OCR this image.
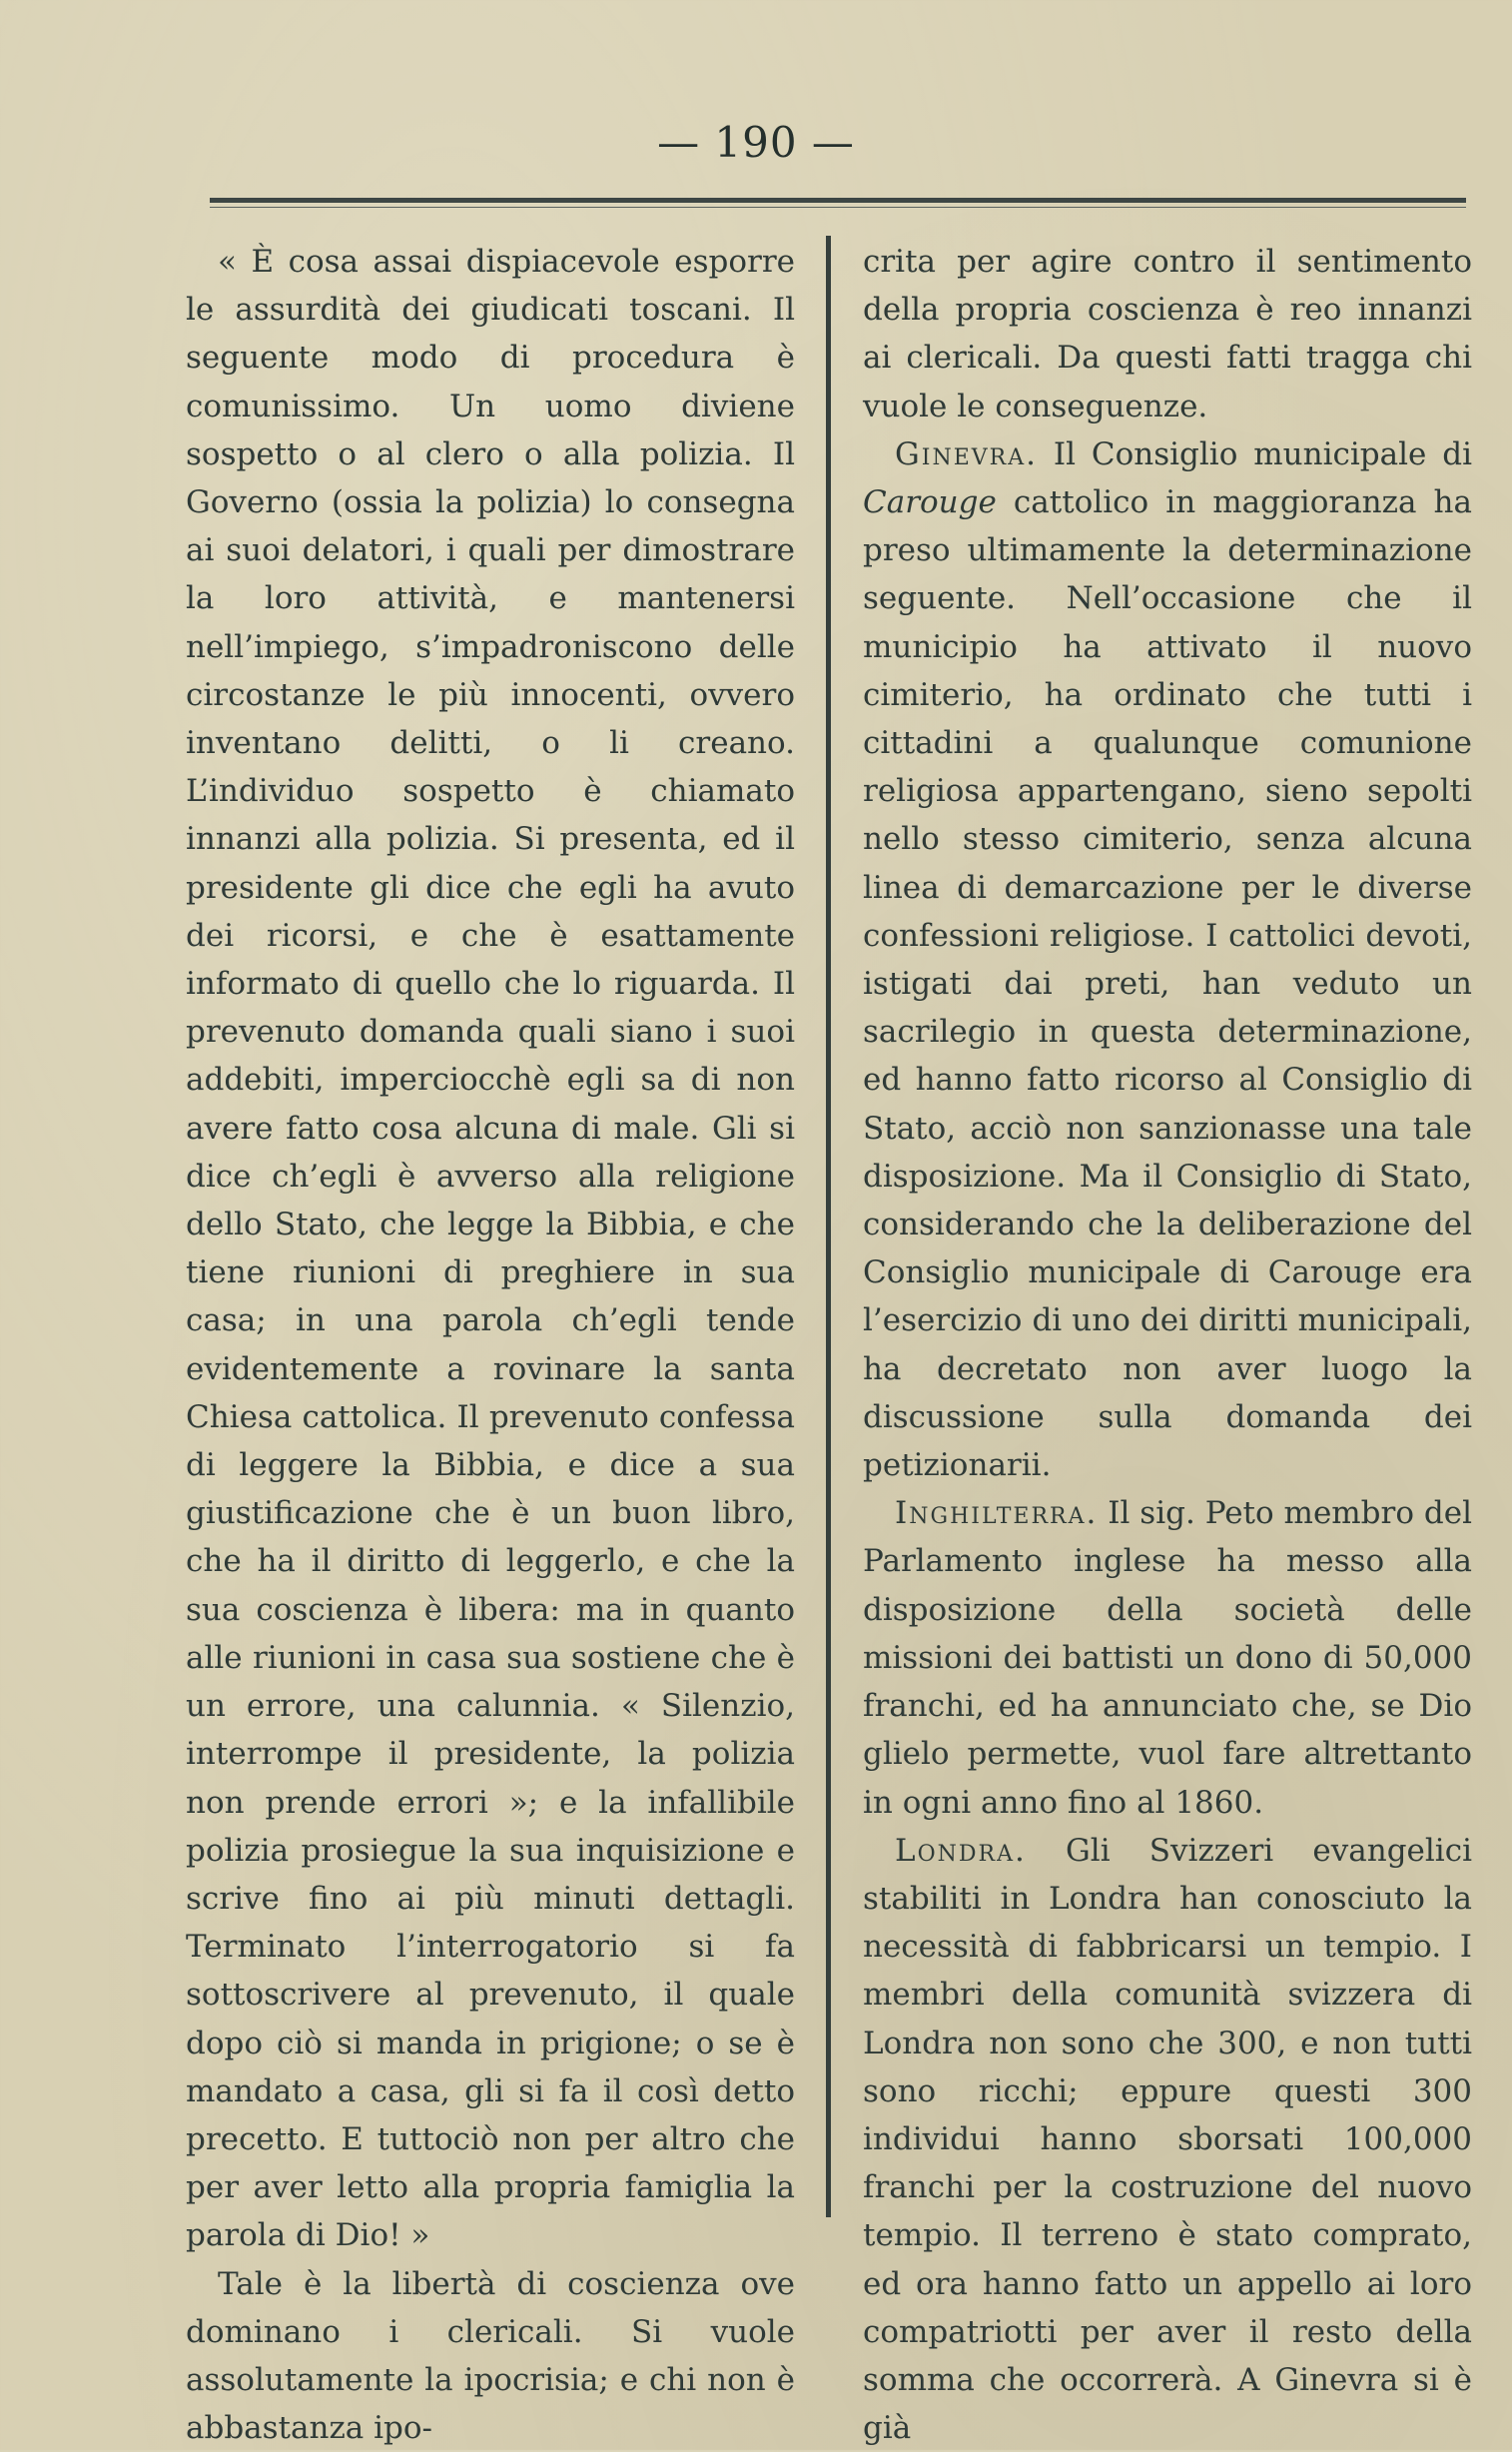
— 190 —

« È cosa assai dispiacevole esporre le assurdità dei giudicati toscani. Il seguente modo di procedura è comunissimo. Un uomo diviene sospetto o al clero o alla polizia. Il Governo (ossia la polizia) lo consegna ai suoi delatori, i quali per dimostrare la loro attività, e mantenersi nell’impiego, s’impadroniscono delle circostanze le più innocenti, ovvero inventano delitti, o li creano. L’individuo sospetto è chiamato innanzi alla polizia. Si presenta, ed il presidente gli dice che egli ha avuto dei ricorsi, e che è esattamente informato di quello che lo riguarda. Il prevenuto domanda quali siano i suoi addebiti, imperciocchè egli sa di non avere fatto cosa alcuna di male. Gli si dice ch’egli è avverso alla religione dello Stato, che legge la Bibbia, e che tiene riunioni di preghiere in sua casa; in una parola ch’egli tende evidentemente a rovinare la santa Chiesa cattolica. Il prevenuto confessa di leggere la Bibbia, e dice a sua giustificazione che è un buon libro, che ha il diritto di leggerlo, e che la sua coscienza è libera: ma in quanto alle riunioni in casa sua sostiene che è un errore, una calunnia. « Silenzio, interrompe il presidente, la polizia non prende errori »; e la infallibile polizia prosiegue la sua inquisizione e scrive fino ai più minuti dettagli. Terminato l’interrogatorio si fa sottoscrivere al prevenuto, il quale dopo ciò si manda in prigione; o se è mandato a casa, gli si fa il così detto precetto. E tuttociò non per altro che per aver letto alla propria famiglia la parola di Dio! »

Tale è la libertà di coscienza ove dominano i clericali. Si vuole assolutamente la ipocrisia; e chi non è abbastanza ipo-

crita per agire contro il sentimento della propria coscienza è reo innanzi ai clericali. Da questi fatti tragga chi vuole le conseguenze.

Ginevra. Il Consiglio municipale di Carouge cattolico in maggioranza ha preso ultimamente la determinazione seguente. Nell’occasione che il municipio ha attivato il nuovo cimiterio, ha ordinato che tutti i cittadini a qualunque comunione religiosa appartengano, sieno sepolti nello stesso cimiterio, senza alcuna linea di demarcazione per le diverse confessioni religiose. I cattolici devoti, istigati dai preti, han veduto un sacrilegio in questa determinazione, ed hanno fatto ricorso al Consiglio di Stato, acciò non sanzionasse una tale disposizione. Ma il Consiglio di Stato, considerando che la deliberazione del Consiglio municipale di Carouge era l’esercizio di uno dei diritti municipali, ha decretato non aver luogo la discussione sulla domanda dei petizionarii.

Inghilterra. Il sig. Peto membro del Parlamento inglese ha messo alla disposizione della società delle missioni dei battisti un dono di 50,000 franchi, ed ha annunciato che, se Dio glielo permette, vuol fare altrettanto in ogni anno fino al 1860.

Londra. Gli Svizzeri evangelici stabiliti in Londra han conosciuto la necessità di fabbricarsi un tempio. I membri della comunità svizzera di Londra non sono che 300, e non tutti sono ricchi; eppure questi 300 individui hanno sborsati 100,000 franchi per la costruzione del nuovo tempio. Il terreno è stato comprato, ed ora hanno fatto un appello ai loro compatriotti per aver il resto della somma che occorrerà. A Ginevra si è già
